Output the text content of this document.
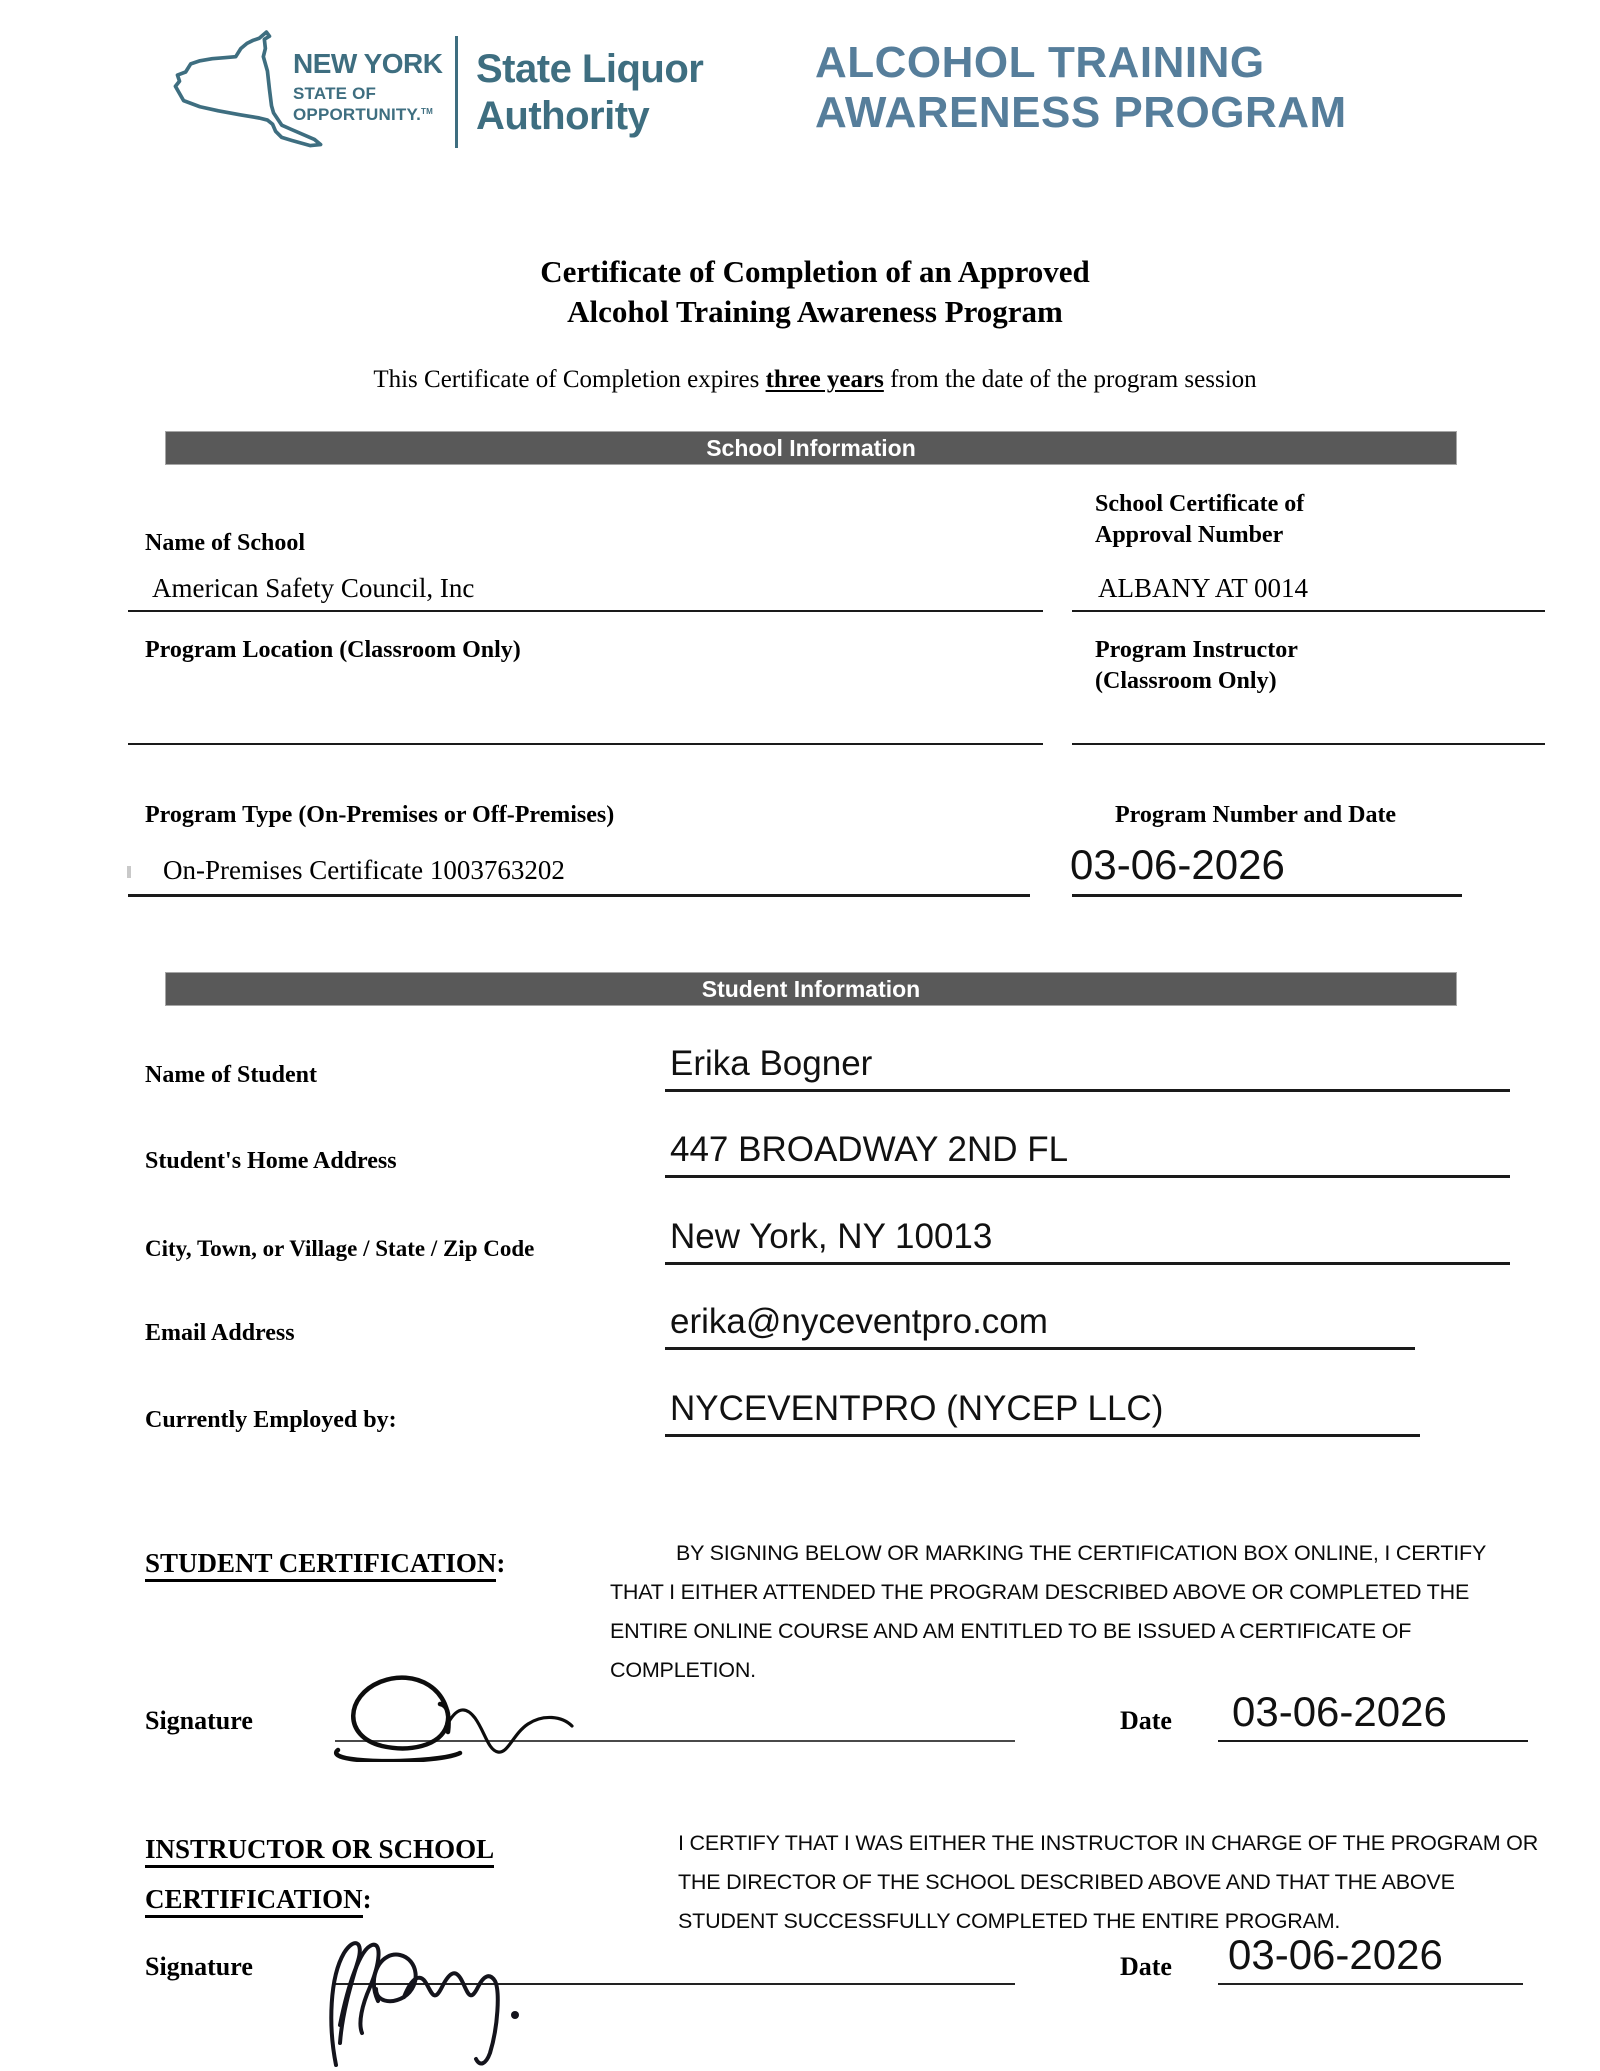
NEW YORK
STATE OF
OPPORTUNITY.™
State Liquor
Authority
ALCOHOL TRAINING
AWARENESS PROGRAM
Certificate of Completion of an Approved
Alcohol Training Awareness Program
This Certificate of Completion expires three years from the date of the program session
School Information
Name of School
American Safety Council, Inc
School Certificate of
Approval Number
ALBANY AT 0014
Program Location (Classroom Only)	Program Instructor
(Classroom Only)
Program Type (On-Premises or Off-Premises)
On-Premises Certificate 1003763202
Program Number and Date
03-06-2026
Student Information
Name of Student	Erika Bogner
Student's Home Address	447 BROADWAY 2ND FL
City, Town, or Village / State / Zip Code	New York, NY 10013
Email Address	erika@nyceventpro.com
Currently Employed by:	NYCEVENTPRO (NYCEP LLC)
STUDENT CERTIFICATION:	BY SIGNING BELOW OR MARKING THE CERTIFICATION BOX ONLINE, I CERTIFY THAT I EITHER ATTENDED THE PROGRAM DESCRIBED ABOVE OR COMPLETED THE ENTIRE ONLINE COURSE AND AM ENTITLED TO BE ISSUED A CERTIFICATE OF COMPLETION.
Signature	Date 03-06-2026
INSTRUCTOR OR SCHOOL
CERTIFICATION:
I CERTIFY THAT I WAS EITHER THE INSTRUCTOR IN CHARGE OF THE PROGRAM OR THE DIRECTOR OF THE SCHOOL DESCRIBED ABOVE AND THAT THE ABOVE STUDENT SUCCESSFULLY COMPLETED THE ENTIRE PROGRAM.
Signature	Date 03-06-2026
